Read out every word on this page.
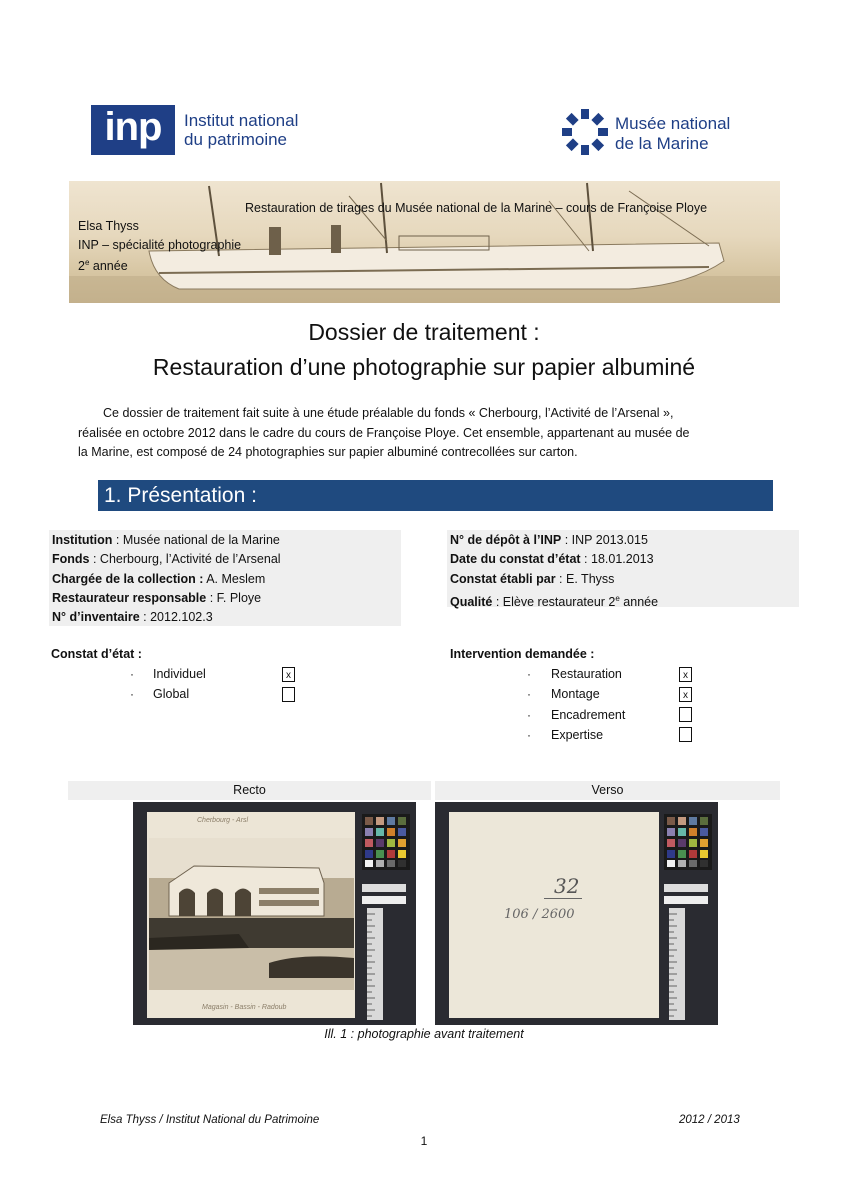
inp	Institut national
du patrimoine
Musée national
de la Marine
Restauration de tirages du Musée national de la Marine – cours de Françoise Ploye
Elsa Thyss
INP – spécialité photographie
2e année
Dossier de traitement :
Restauration d’une photographie sur papier albuminé
Ce dossier de traitement fait suite à une étude préalable du fonds « Cherbourg, l’Activité de l’Arsenal »,
réalisée en octobre 2012 dans le cadre du cours de Françoise Ploye. Cet ensemble, appartenant au musée de
la Marine, est composé de 24 photographies sur papier albuminé contrecollées sur carton.
1. Présentation :
Institution : Musée national de la Marine
Fonds : Cherbourg, l’Activité de l’Arsenal
Chargée de la collection : A. Meslem
Restaurateur responsable : F. Ploye
N° d’inventaire : 2012.102.3
N° de dépôt à l’INP : INP 2013.015
Date du constat d’état : 18.01.2013
Constat établi par : E. Thyss
Qualité : Elève restaurateur 2e année
Constat d’état :
· Individuel	x
· Global
Intervention demandée :
· Restauration	x
· Montage	x
· Encadrement
· Expertise
Recto	Verso
Cherbourg - Arsl
Magasin - Bassin - Radoub
32
106 / 2600
Ill. 1 : photographie avant traitement
Elsa Thyss / Institut National du Patrimoine	2012 / 2013
1
